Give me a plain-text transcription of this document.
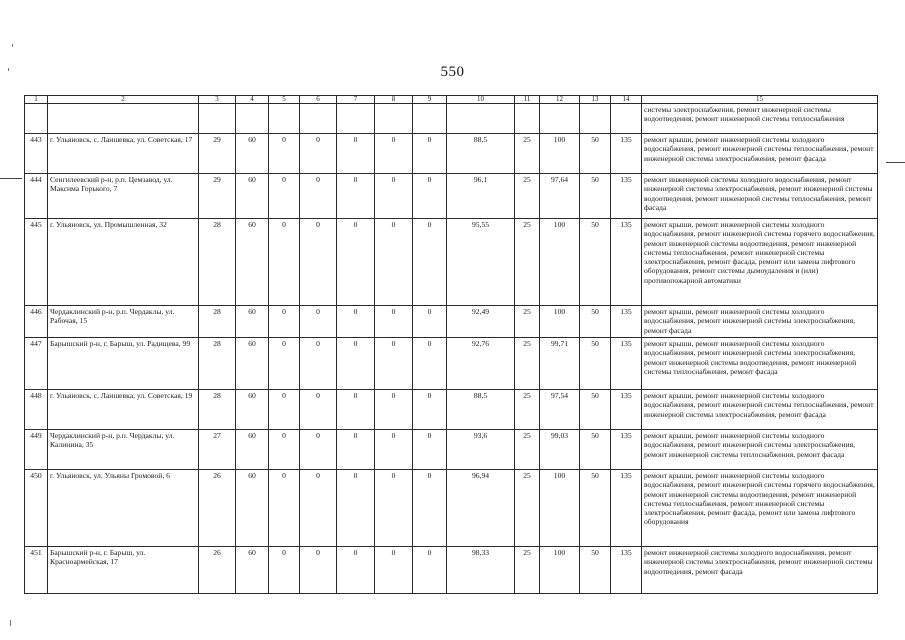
550
1	2	3	4	5	6	7	8	9	10	11	12	13	14	15
														системы электроснабжения, ремонт инженерной системы водоотведения, ремонт инженерной системы теплоснабжения
443	г. Ульяновск, с. Лаишевка, ул. Советская, 17	29	60	0	0	0	0	0	88,5	25	100	50	135	ремонт крыши, ремонт инженерной системы холодного водоснабжения, ремонт инженерной системы теплоснабжения, ремонт инженерной системы электроснабжения, ремонт фасада
444	Сенгилеевский р-н, р.п. Цемзавод, ул. Максима Горького, 7	29	60	0	0	0	0	0	96,1	25	97,64	50	135	ремонт инженерной системы холодного водоснабжения, ремонт инженерной системы электроснабжения, ремонт инженерной системы водоотведения, ремонт инженерной системы теплоснабжения, ремонт фасада
445	г. Ульяновск, ул. Промышленная, 32	28	60	0	0	0	0	0	95,55	25	100	50	135	ремонт крыши, ремонт инженерной системы холодного водоснабжения, ремонт инженерной системы горячего водоснабжения, ремонт инженерной системы водоотведения, ремонт инженерной системы теплоснабжения, ремонт инженерной системы электроснабжения, ремонт фасада, ремонт или замена лифтового оборудования, ремонт системы дымоудаления и (или) противопожарной автоматики
446	Чердаклинский р-н, р.п. Чердаклы, ул. Рабочая, 15	28	60	0	0	0	0	0	92,49	25	100	50	135	ремонт крыши, ремонт инженерной системы холодного водоснабжения, ремонт инженерной системы электроснабжения, ремонт фасада
447	Барышский р-н, г. Барыш, ул. Радищева, 99	28	60	0	0	0	0	0	92,76	25	99,71	50	135	ремонт крыши, ремонт инженерной системы холодного водоснабжения, ремонт инженерной системы электроснабжения, ремонт инженерной системы водоотведения, ремонт инженерной системы теплоснабжения, ремонт фасада
448	г. Ульяновск, с. Лаишевка, ул. Советская, 19	28	60	0	0	0	0	0	88,5	25	97,54	50	135	ремонт крыши, ремонт инженерной системы холодного водоснабжения, ремонт инженерной системы теплоснабжения, ремонт инженерной системы электроснабжения, ремонт фасада
449	Чердаклинский р-н, р.п. Чердаклы, ул. Калинина, 35	27	60	0	0	0	0	0	93,6	25	99,03	50	135	ремонт крыши, ремонт инженерной системы холодного водоснабжения, ремонт инженерной системы электроснабжения, ремонт инженерной системы теплоснабжения, ремонт фасада
450	г. Ульяновск, ул. Ульяны Громовой, 6	26	60	0	0	0	0	0	96,94	25	100	50	135	ремонт крыши, ремонт инженерной системы холодного водоснабжения, ремонт инженерной системы горячего водоснабжения, ремонт инженерной системы водоотведения, ремонт инженерной системы теплоснабжения, ремонт инженерной системы электроснабжения, ремонт фасада, ремонт или замена лифтового оборудования
451	Барышский р-н, г. Барыш, ул. Красноармейская, 17	26	60	0	0	0	0	0	98,33	25	100	50	135	ремонт инженерной системы холодного водоснабжения, ремонт инженерной системы электроснабжения, ремонт инженерной системы водоотведения, ремонт фасада
